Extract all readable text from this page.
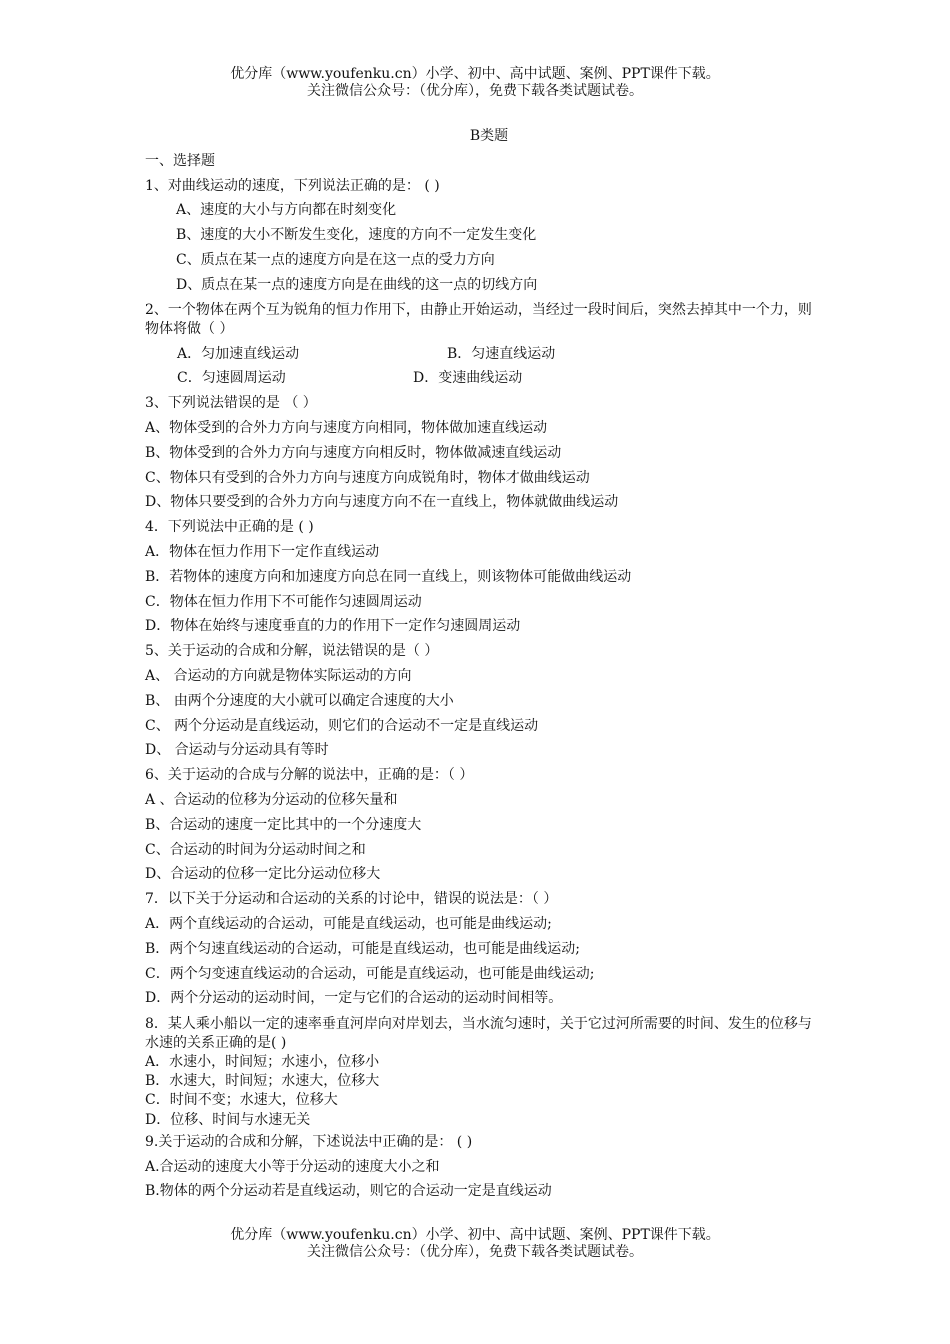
优分库（www.youfenku.cn）小学、初中、高中试题、案例、PPT课件下载。
关注微信公众号：（优分库），免费下载各类试题试卷。
B类题
一、选择题
1、对曲线运动的速度，下列说法正确的是： ( )
A、速度的大小与方向都在时刻变化
B、速度的大小不断发生变化，速度的方向不一定发生变化
C、质点在某一点的速度方向是在这一点的受力方向
D、质点在某一点的速度方向是在曲线的这一点的切线方向
2、一个物体在两个互为锐角的恒力作用下，由静止开始运动，当经过一段时间后，突然去掉其中一个力，则物体将做（ ）
A．匀加速直线运动	B．匀速直线运动
C．匀速圆周运动	D．变速曲线运动
3、下列说法错误的是 （ ）
A、物体受到的合外力方向与速度方向相同，物体做加速直线运动
B、物体受到的合外力方向与速度方向相反时，物体做减速直线运动
C、物体只有受到的合外力方向与速度方向成锐角时，物体才做曲线运动
D、物体只要受到的合外力方向与速度方向不在一直线上，物体就做曲线运动
4．下列说法中正确的是 ( )
A．物体在恒力作用下一定作直线运动
B．若物体的速度方向和加速度方向总在同一直线上，则该物体可能做曲线运动
C．物体在恒力作用下不可能作匀速圆周运动
D．物体在始终与速度垂直的力的作用下一定作匀速圆周运动
5、关于运动的合成和分解，说法错误的是（ ）
A、 合运动的方向就是物体实际运动的方向
B、 由两个分速度的大小就可以确定合速度的大小
C、 两个分运动是直线运动，则它们的合运动不一定是直线运动
D、 合运动与分运动具有等时
6、关于运动的合成与分解的说法中，正确的是：（ ）
A 、合运动的位移为分运动的位移矢量和
B、合运动的速度一定比其中的一个分速度大
C、合运动的时间为分运动时间之和
D、合运动的位移一定比分运动位移大
7．以下关于分运动和合运动的关系的讨论中，错误的说法是：（ ）
A．两个直线运动的合运动，可能是直线运动，也可能是曲线运动;
B．两个匀速直线运动的合运动，可能是直线运动，也可能是曲线运动;
C．两个匀变速直线运动的合运动，可能是直线运动，也可能是曲线运动;
D．两个分运动的运动时间，一定与它们的合运动的运动时间相等。
8．某人乘小船以一定的速率垂直河岸向对岸划去，当水流匀速时，关于它过河所需要的时间、发生的位移与水速的关系正确的是( )
A．水速小，时间短；水速小，位移小
B．水速大，时间短；水速大，位移大
C．时间不变；水速大，位移大
D．位移、时间与水速无关
9.关于运动的合成和分解，下述说法中正确的是： ( )
A.合运动的速度大小等于分运动的速度大小之和
B.物体的两个分运动若是直线运动，则它的合运动一定是直线运动
优分库（www.youfenku.cn）小学、初中、高中试题、案例、PPT课件下载。
关注微信公众号：（优分库），免费下载各类试题试卷。
